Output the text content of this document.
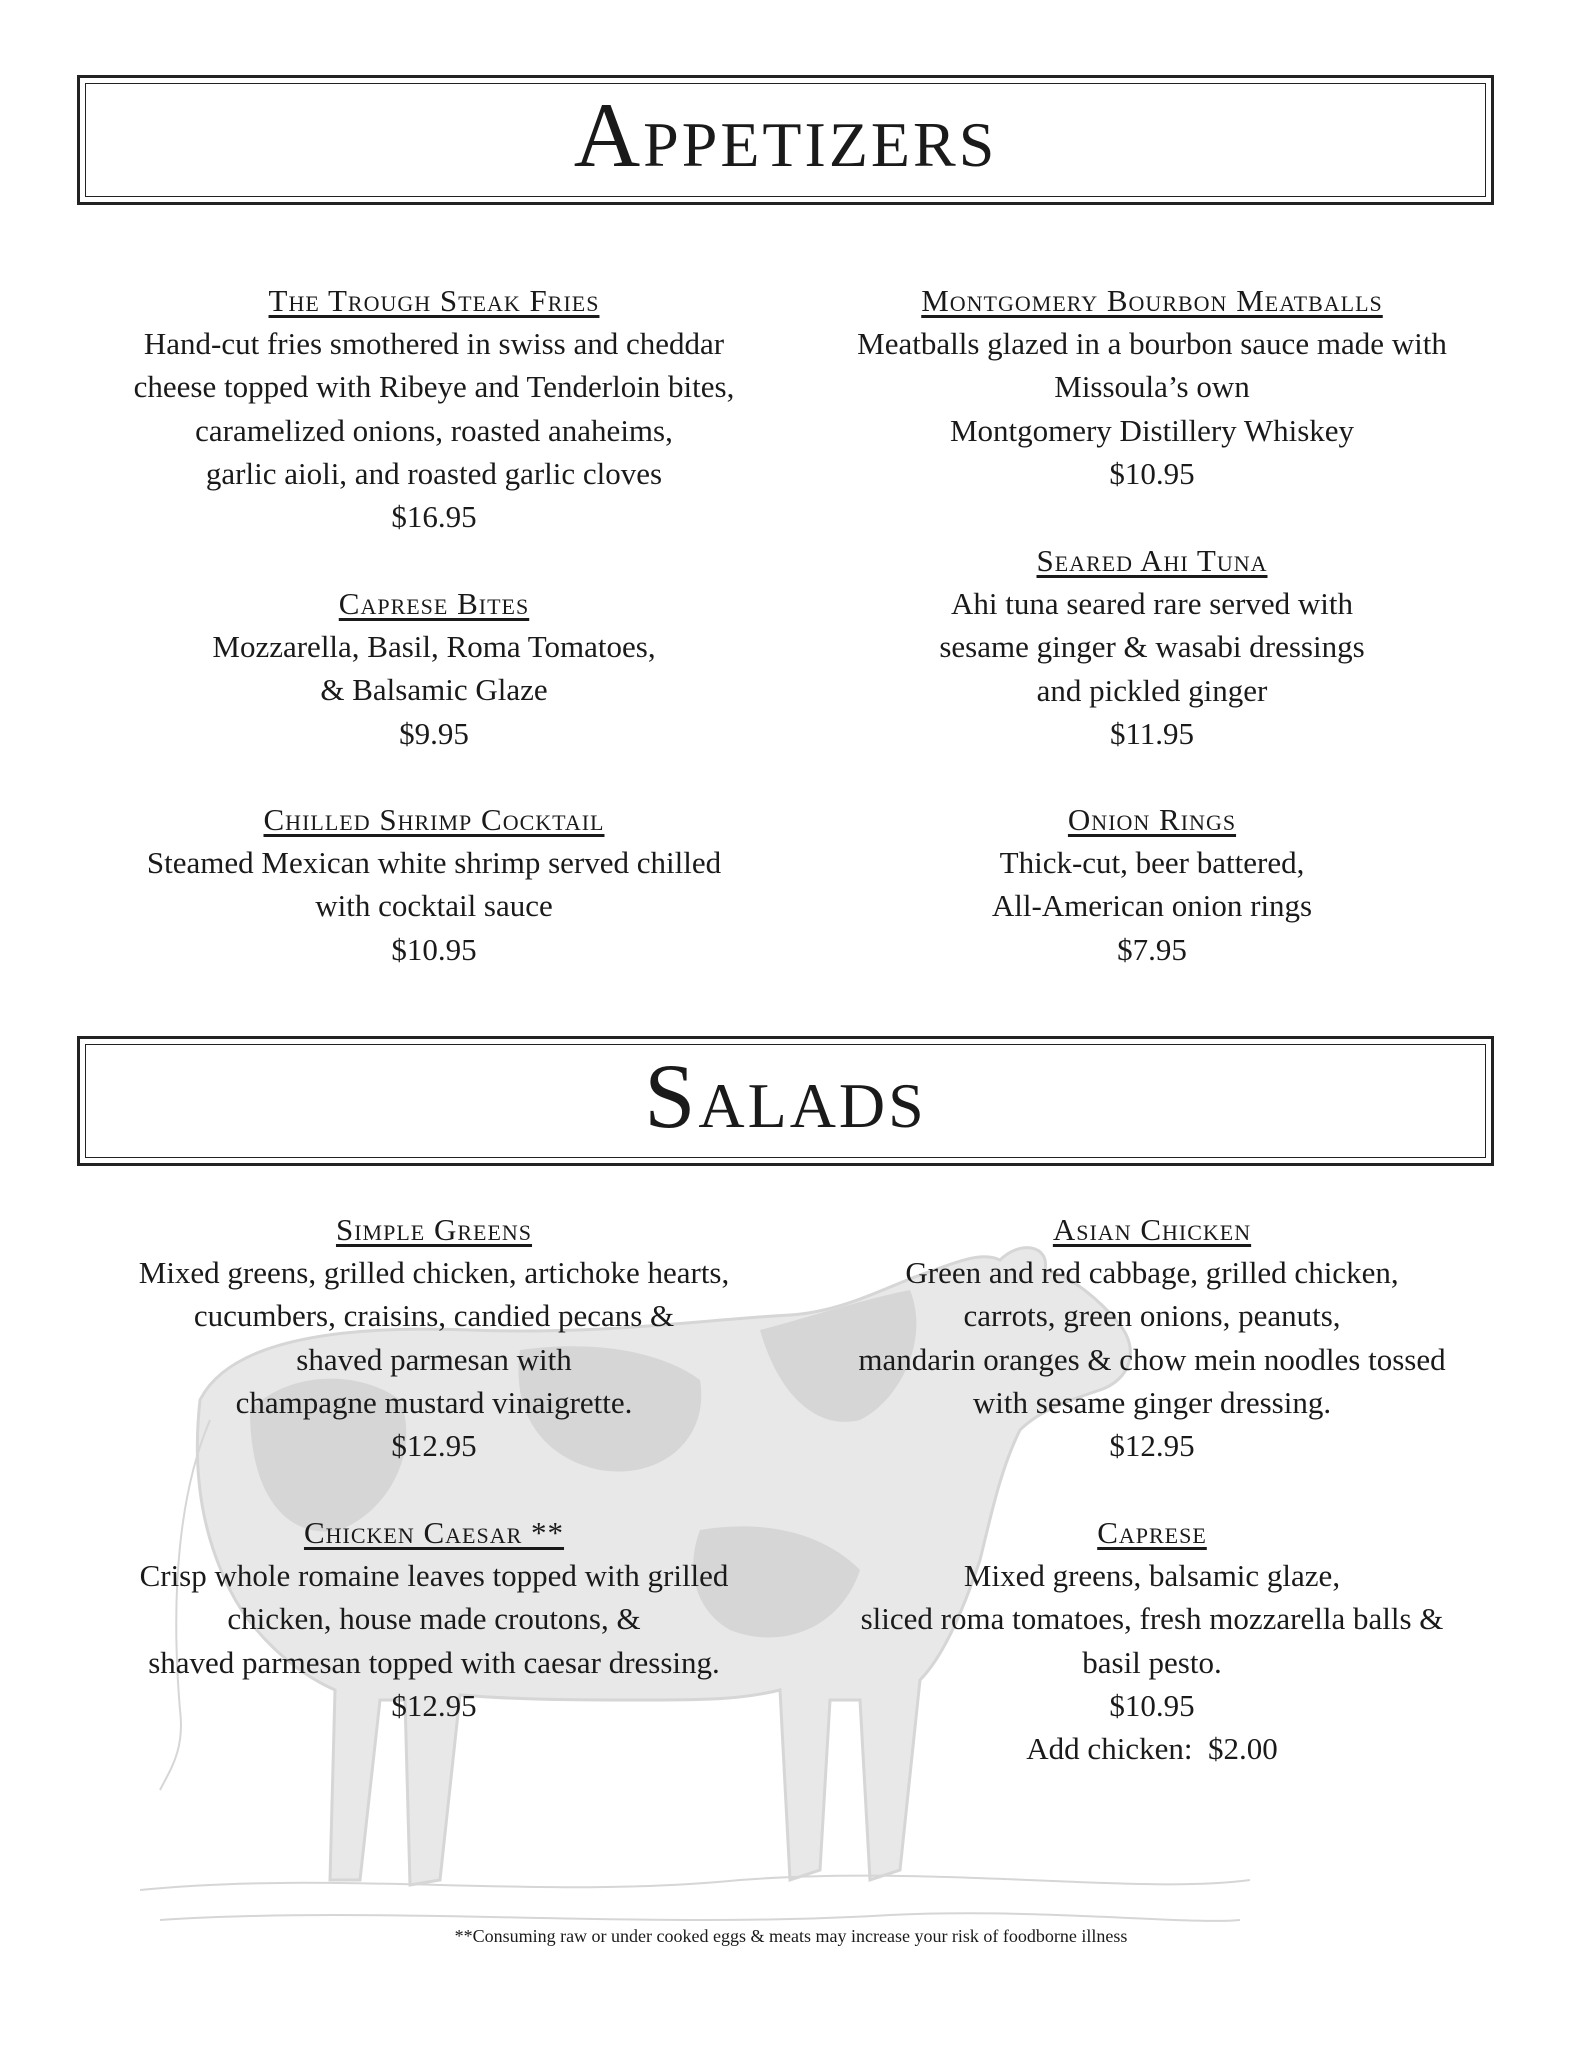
Appetizers
The Trough Steak Fries
Hand-cut fries smothered in swiss and cheddar
cheese topped with Ribeye and Tenderloin bites,
caramelized onions, roasted anaheims,
garlic aioli, and roasted garlic cloves
$16.95
Caprese Bites
Mozzarella, Basil, Roma Tomatoes,
& Balsamic Glaze
$9.95
Chilled Shrimp Cocktail
Steamed Mexican white shrimp served chilled
with cocktail sauce
$10.95
Montgomery Bourbon Meatballs
Meatballs glazed in a bourbon sauce made with
Missoula’s own
Montgomery Distillery Whiskey
$10.95
Seared Ahi Tuna
Ahi tuna seared rare served with
sesame ginger & wasabi dressings
and pickled ginger
$11.95
Onion Rings
Thick-cut, beer battered,
All-American onion rings
$7.95
Salads
Simple Greens
Mixed greens, grilled chicken, artichoke hearts,
cucumbers, craisins, candied pecans &
shaved parmesan with
champagne mustard vinaigrette.
$12.95
Chicken Caesar **
Crisp whole romaine leaves topped with grilled
chicken, house made croutons, &
shaved parmesan topped with caesar dressing.
$12.95
Asian Chicken
Green and red cabbage, grilled chicken,
carrots, green onions, peanuts,
mandarin oranges & chow mein noodles tossed
with sesame ginger dressing.
$12.95
Caprese
Mixed greens, balsamic glaze,
sliced roma tomatoes, fresh mozzarella balls &
basil pesto.
$10.95
Add chicken:  $2.00
**Consuming raw or under cooked eggs & meats may increase your risk of foodborne illness
